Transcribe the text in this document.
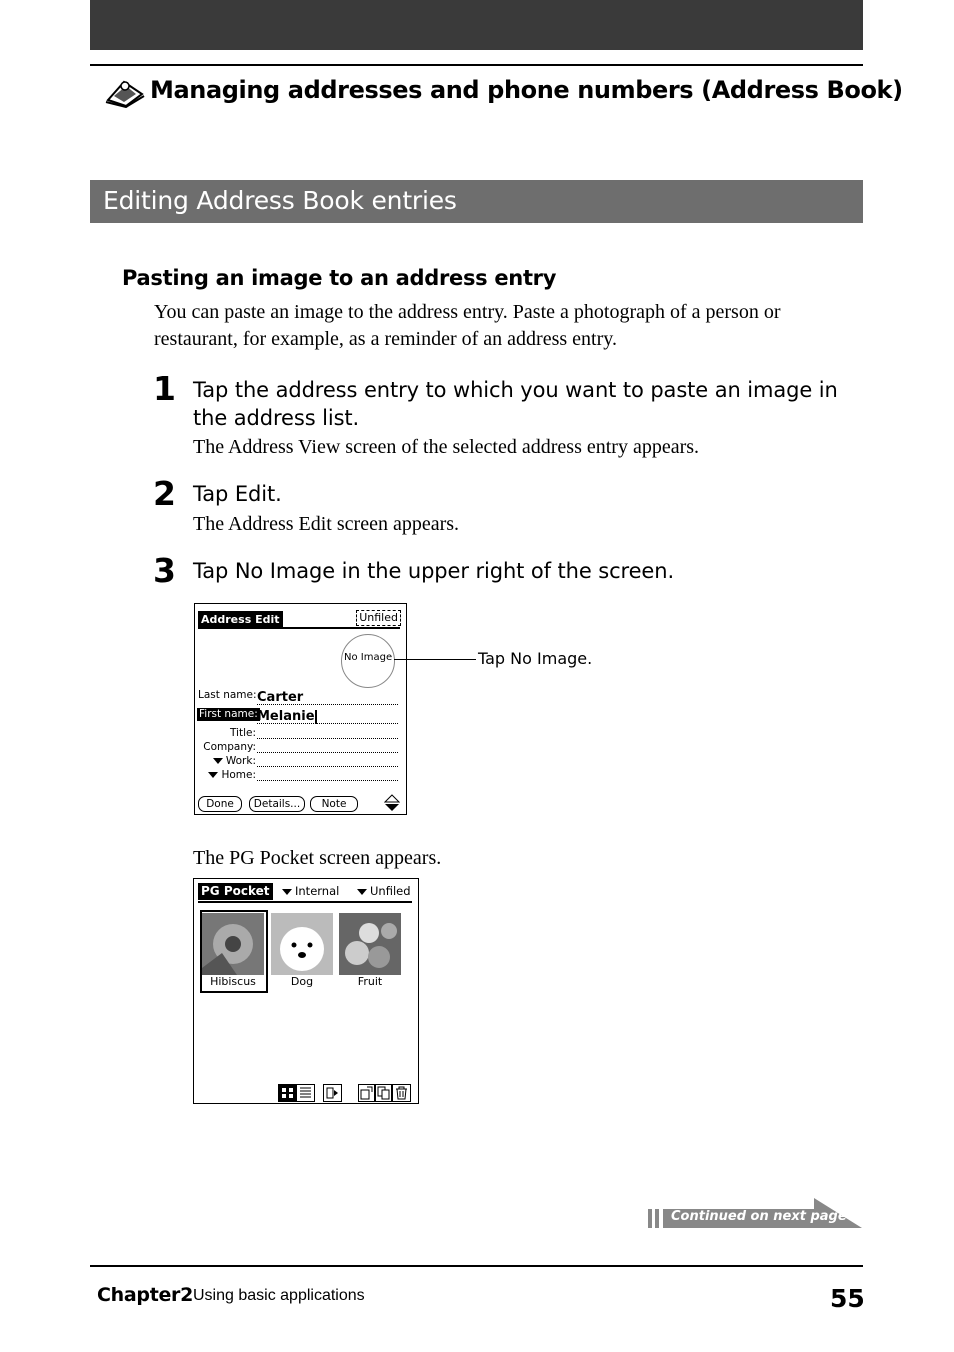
Managing addresses and phone numbers (Address Book)
Editing Address Book entries
Pasting an image to an address entry
You can paste an image to the address entry. Paste a photograph of a person or restaurant, for example, as a reminder of an address entry.
1 Tap the address entry to which you want to paste an image in the address list.
The Address View screen of the selected address entry appears.
2 Tap Edit.
The Address Edit screen appears.
3 Tap No Image in the upper right of the screen.
Address Edit	Unfiled
No Image
Last name: Carter
First name: Melanie
Title:
Company:
Work:
Home:
Done	Details...	Note
Tap No Image.
The PG Pocket screen appears.
PG Pocket	Internal	Unfiled
Hibiscus	Dog	Fruit
Continued on next page
Chapter2 Using basic applications	55
